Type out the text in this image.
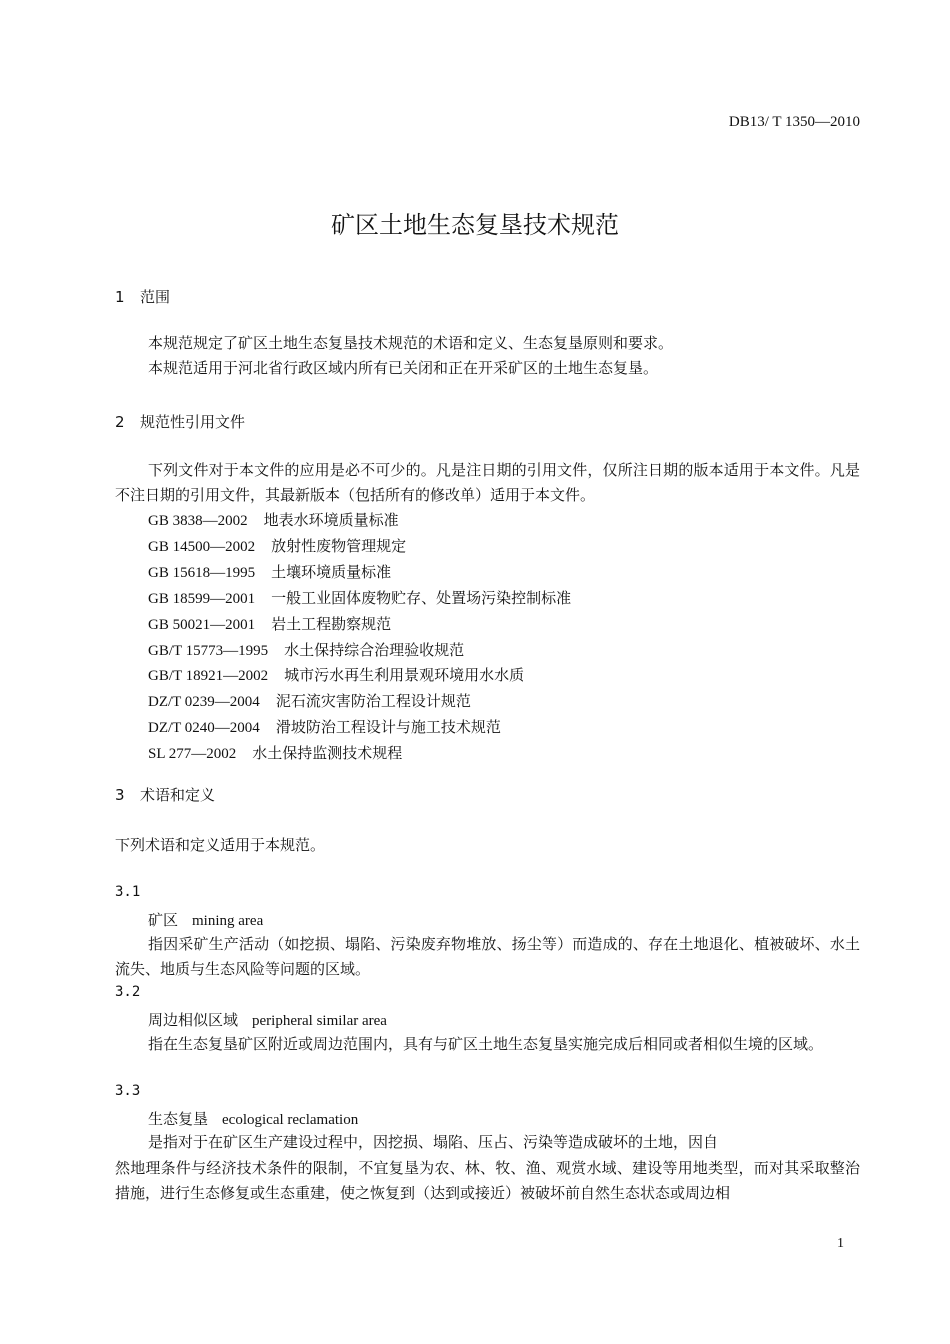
DB13/ T 1350—2010
矿区土地生态复垦技术规范
1 范围
本规范规定了矿区土地生态复垦技术规范的术语和定义、生态复垦原则和要求。
本规范适用于河北省行政区域内所有已关闭和正在开采矿区的土地生态复垦。
2 规范性引用文件
下列文件对于本文件的应用是必不可少的。凡是注日期的引用文件，仅所注日期的版本适用于本文件。凡是不注日期的引用文件，其最新版本（包括所有的修改单）适用于本文件。
GB 3838—2002 地表水环境质量标准
GB 14500—2002 放射性废物管理规定
GB 15618—1995 土壤环境质量标准
GB 18599—2001 一般工业固体废物贮存、处置场污染控制标准
GB 50021—2001 岩土工程勘察规范
GB/T 15773—1995 水土保持综合治理验收规范
GB/T 18921—2002 城市污水再生利用景观环境用水水质
DZ/T 0239—2004 泥石流灾害防治工程设计规范
DZ/T 0240—2004 滑坡防治工程设计与施工技术规范
SL 277—2002 水土保持监测技术规程
3 术语和定义
下列术语和定义适用于本规范。
3.1
矿区 mining area
指因采矿生产活动（如挖损、塌陷、污染废弃物堆放、扬尘等）而造成的、存在土地退化、植被破坏、水土流失、地质与生态风险等问题的区域。
3.2
周边相似区域 peripheral similar area
指在生态复垦矿区附近或周边范围内，具有与矿区土地生态复垦实施完成后相同或者相似生境的区域。
3.3
生态复垦 ecological reclamation
是指对于在矿区生产建设过程中，因挖损、塌陷、压占、污染等造成破坏的土地，因自
然地理条件与经济技术条件的限制，不宜复垦为农、林、牧、渔、观赏水域、建设等用地类型，而对其采取整治措施，进行生态修复或生态重建，使之恢复到（达到或接近）被破坏前自然生态状态或周边相
1
